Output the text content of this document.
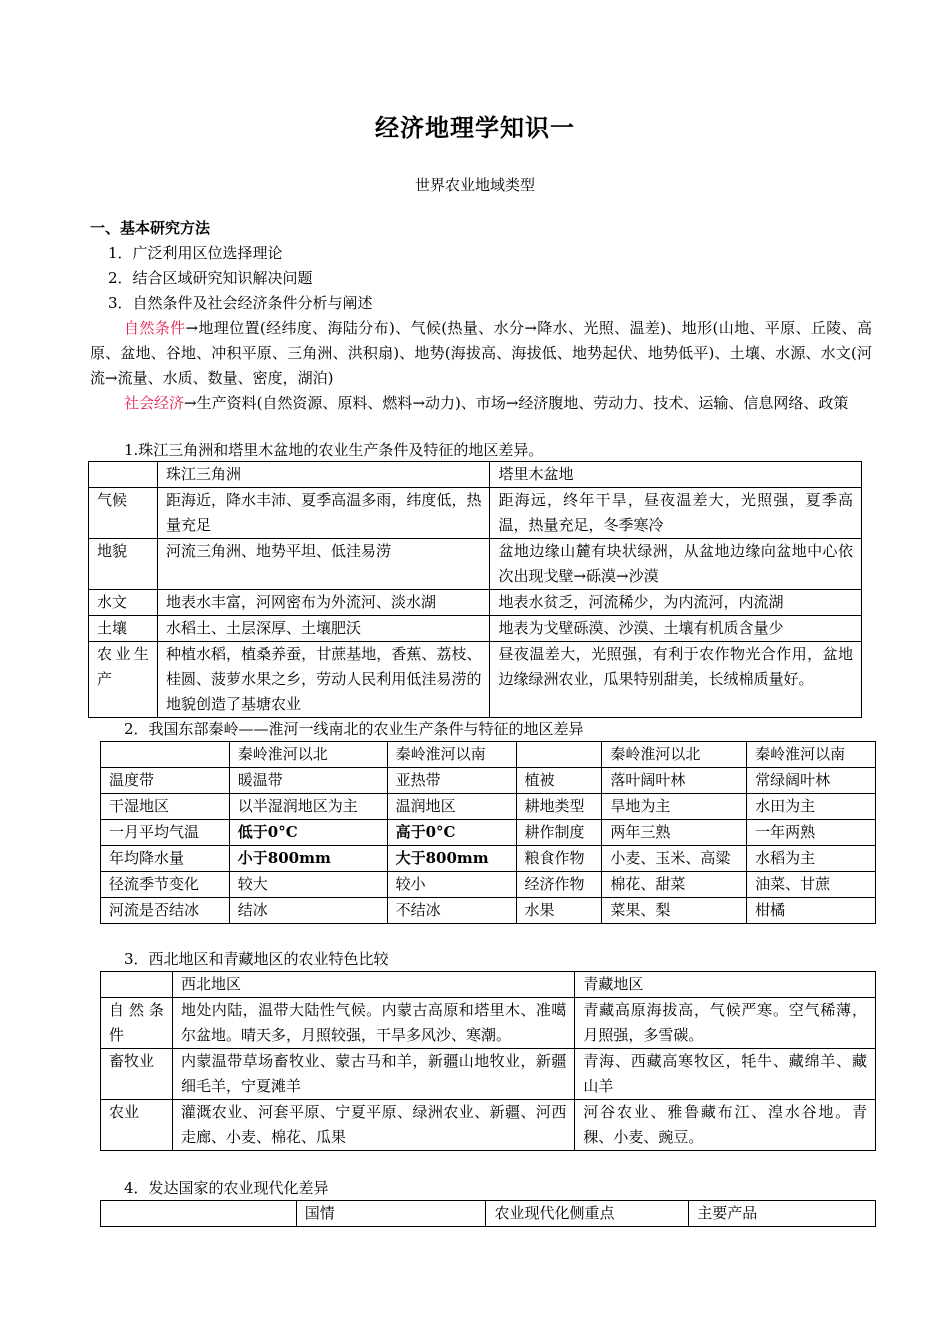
经济地理学知识一
世界农业地域类型
一、基本研究方法
1．广泛利用区位选择理论
2．结合区域研究知识解决问题
3．自然条件及社会经济条件分析与阐述
自然条件→地理位置(经纬度、海陆分布)、气候(热量、水分→降水、光照、温差)、地形(山地、平原、丘陵、高原、盆地、谷地、冲积平原、三角洲、洪积扇)、地势(海拔高、海拔低、地势起伏、地势低平)、土壤、水源、水文(河流→流量、水质、数量、密度，湖泊)
社会经济→生产资料(自然资源、原料、燃料→动力)、市场→经济腹地、劳动力、技术、运输、信息网络、政策
1.珠江三角洲和塔里木盆地的农业生产条件及特征的地区差异。
	珠江三角洲	塔里木盆地
气候	距海近，降水丰沛、夏季高温多雨，纬度低，热量充足	距海远，终年干旱，昼夜温差大，光照强，夏季高温，热量充足，冬季寒冷
地貌	河流三角洲、地势平坦、低洼易涝	盆地边缘山麓有块状绿洲，从盆地边缘向盆地中心依次出现戈壁→砾漠→沙漠
水文	地表水丰富，河网密布为外流河、淡水湖	地表水贫乏，河流稀少，为内流河，内流湖
土壤	水稻土、土层深厚、土壤肥沃	地表为戈壁砾漠、沙漠、土壤有机质含量少
农业生产	种植水稻，植桑养蚕，甘蔗基地，香蕉、荔枝、桂圆、菠萝水果之乡，劳动人民利用低洼易涝的地貌创造了基塘农业	昼夜温差大，光照强，有利于农作物光合作用，盆地边缘绿洲农业，瓜果特别甜美，长绒棉质量好。
2．我国东部秦岭——淮河一线南北的农业生产条件与特征的地区差异
	秦岭淮河以北	秦岭淮河以南		秦岭淮河以北	秦岭淮河以南
温度带	暖温带	亚热带	植被	落叶阔叶林	常绿阔叶林
干湿地区	以半湿润地区为主	温润地区	耕地类型	旱地为主	水田为主
一月平均气温	低于0°C	高于0°C	耕作制度	两年三熟	一年两熟
年均降水量	小于800mm	大于800mm	粮食作物	小麦、玉米、高粱	水稻为主
径流季节变化	较大	较小	经济作物	棉花、甜菜	油菜、甘蔗
河流是否结冰	结冰	不结冰	水果	菜果、梨	柑橘
3．西北地区和青藏地区的农业特色比较
	西北地区	青藏地区
自然条件	地处内陆，温带大陆性气候。内蒙古高原和塔里木、准噶尔盆地。晴天多，月照较强，干旱多风沙、寒潮。	青藏高原海拔高，气候严寒。空气稀薄，月照强，多雪碳。
畜牧业	内蒙温带草场畜牧业、蒙古马和羊，新疆山地牧业，新疆细毛羊，宁夏滩羊	青海、西藏高寒牧区，牦牛、藏绵羊、藏山羊
农业	灌溉农业、河套平原、宁夏平原、绿洲农业、新疆、河西走廊、小麦、棉花、瓜果	河谷农业、雅鲁藏布江、湟水谷地。青稞、小麦、豌豆。
4．发达国家的农业现代化差异
	国情	农业现代化侧重点	主要产品
